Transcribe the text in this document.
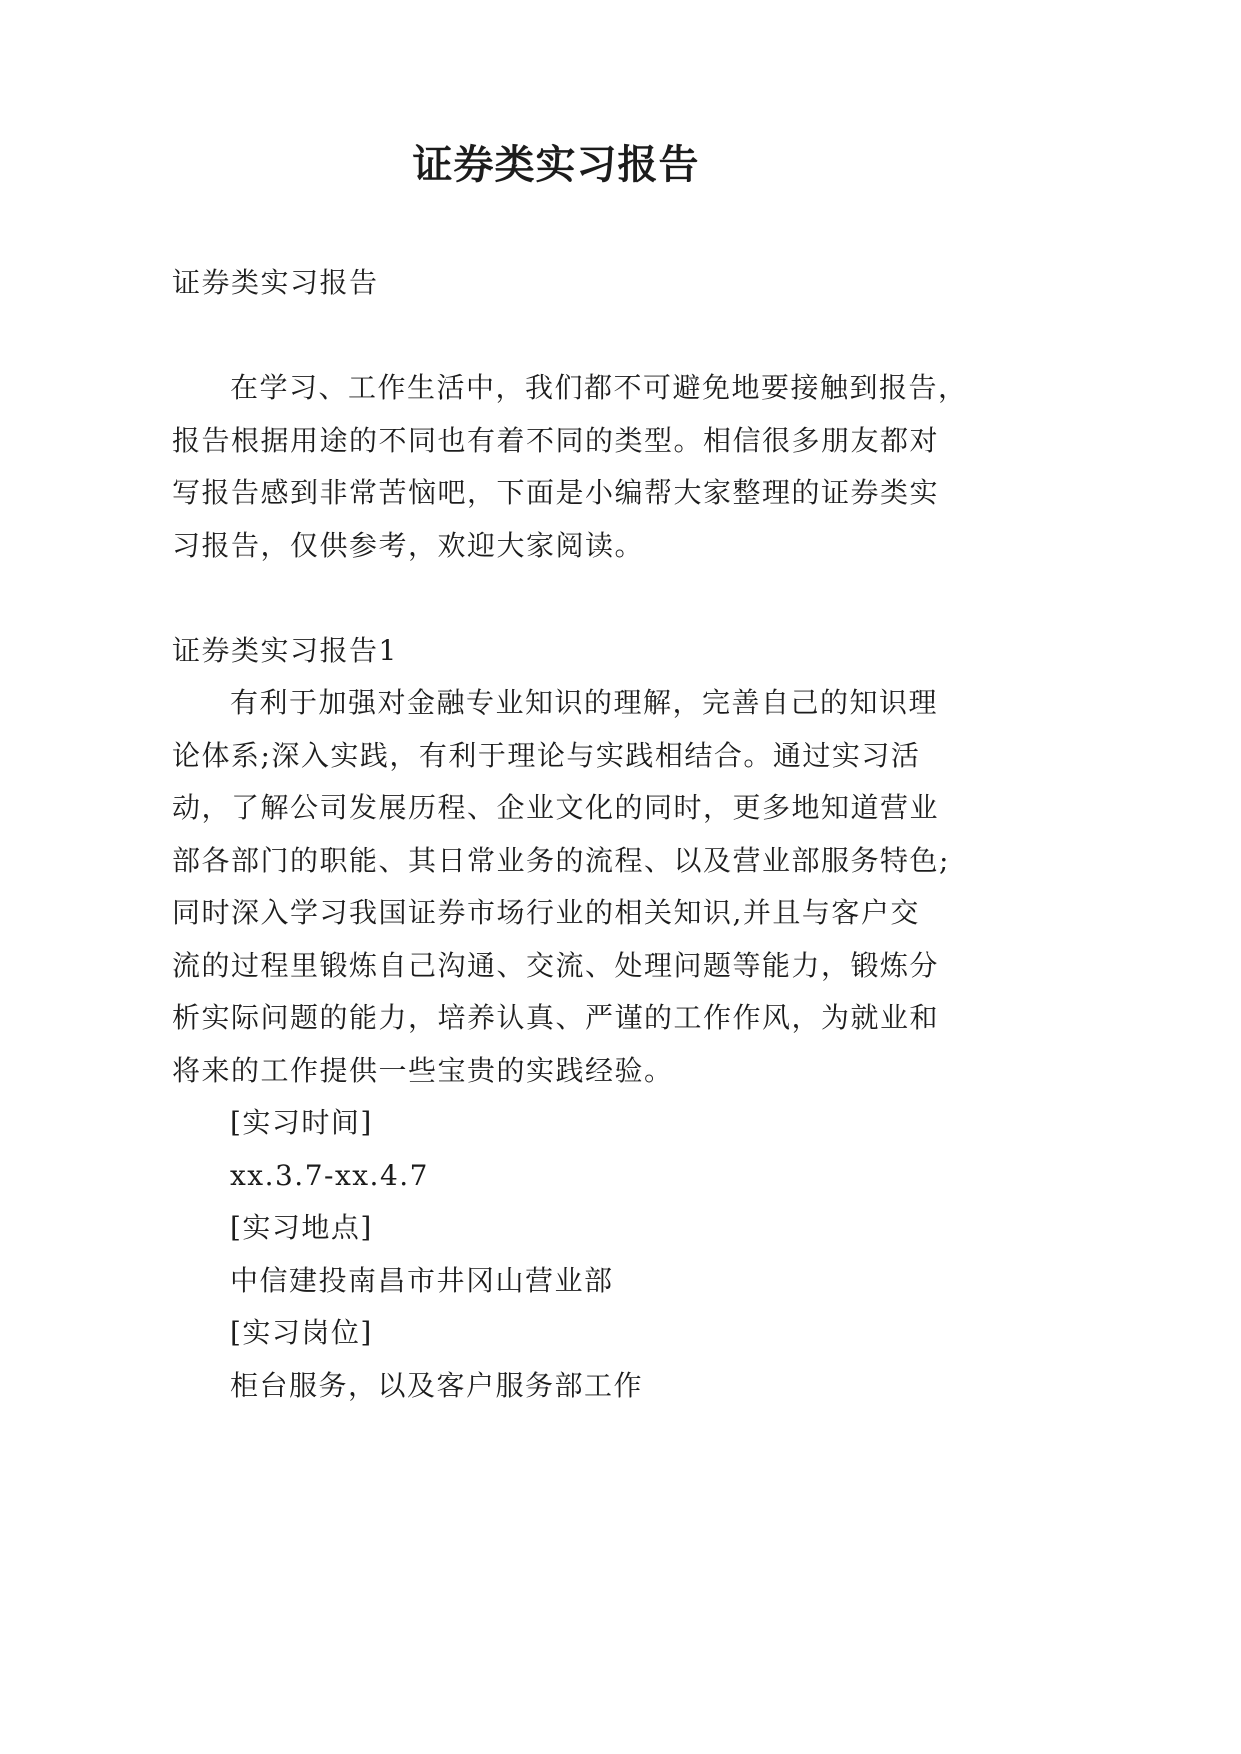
证券类实习报告
证券类实习报告
在学习、工作生活中，我们都不可避免地要接触到报告，
报告根据用途的不同也有着不同的类型。相信很多朋友都对
写报告感到非常苦恼吧，下面是小编帮大家整理的证券类实
习报告，仅供参考，欢迎大家阅读。
证券类实习报告1
有利于加强对金融专业知识的理解，完善自己的知识理
论体系;深入实践，有利于理论与实践相结合。通过实习活
动，了解公司发展历程、企业文化的同时，更多地知道营业
部各部门的职能、其日常业务的流程、以及营业部服务特色;
同时深入学习我国证券市场行业的相关知识,并且与客户交
流的过程里锻炼自己沟通、交流、处理问题等能力，锻炼分
析实际问题的能力，培养认真、严谨的工作作风，为就业和
将来的工作提供一些宝贵的实践经验。
[实习时间]
xx.3.7-xx.4.7
[实习地点]
中信建投南昌市井冈山营业部
[实习岗位]
柜台服务，以及客户服务部工作
